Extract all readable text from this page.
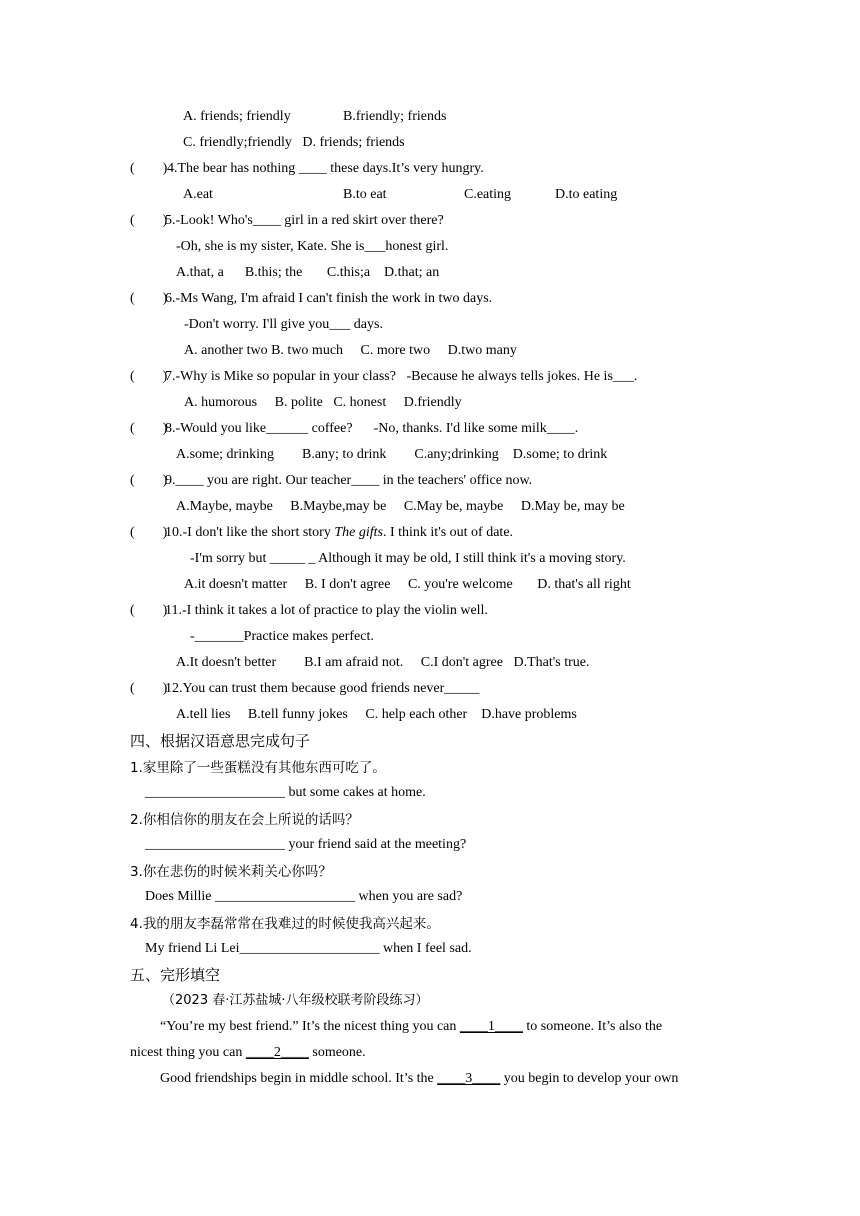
A. friends; friendly	B.friendly; friends
C. friendly;friendly   D. friends; friends
(        ) 4.The bear has nothing ____ these days.It’s very hungry.
A.eat	B.to eat	C.eating	D.to eating
(        )
5.-Look! Who's____ girl in a red skirt over there?
-Oh, she is my sister, Kate. She is___honest girl.
A.that, a      B.this; the       C.this;a    D.that; an
(        )
6.-Ms Wang, I'm afraid I can't finish the work in two days.
-Don't worry. I'll give you___ days.
A. another two B. two much     C. more two     D.two many
(        )
7.-Why is Mike so popular in your class?   -Because he always tells jokes. He is___.
A. humorous     B. polite   C. honest     D.friendly
(        )
8.-Would you like______ coffee?      -No, thanks. I'd like some milk____.
A.some; drinking        B.any; to drink        C.any;drinking    D.some; to drink
(        )
9.____ you are right. Our teacher____ in the teachers' office now.
A.Maybe, maybe     B.Maybe,may be     C.May be, maybe     D.May be, may be
(        )
10.-I don't like the short story The gifts. I think it's out of date.
-I'm sorry but _____ _ Although it may be old, I still think it's a moving story.
A.it doesn't matter     B. I don't agree     C. you're welcome       D. that's all right
(        )
11.-I think it takes a lot of practice to play the violin well.
-_______Practice makes perfect.
A.It doesn't better        B.I am afraid not.     C.I don't agree   D.That's true.
(        )
12.You can trust them because good friends never_____
A.tell lies     B.tell funny jokes     C. help each other    D.have problems
四、根据汉语意思完成句子
1.家里除了一些蛋糕没有其他东西可吃了。
____________________ but some cakes at home.
2.你相信你的朋友在会上所说的话吗？
____________________ your friend said at the meeting?
3.你在悲伤的时候米莉关心你吗？
Does Millie ____________________ when you are sad?
4.我的朋友李磊常常在我难过的时候使我高兴起来。
My friend Li Lei____________________ when I feel sad.
五、完形填空
（2023 春·江苏盐城·八年级校联考阶段练习）
“You’re my best friend.” It’s the nicest thing you can ____1____ to someone. It’s also the
nicest thing you can ____2____ someone.
Good friendships begin in middle school. It’s the ____3____ you begin to develop your own
